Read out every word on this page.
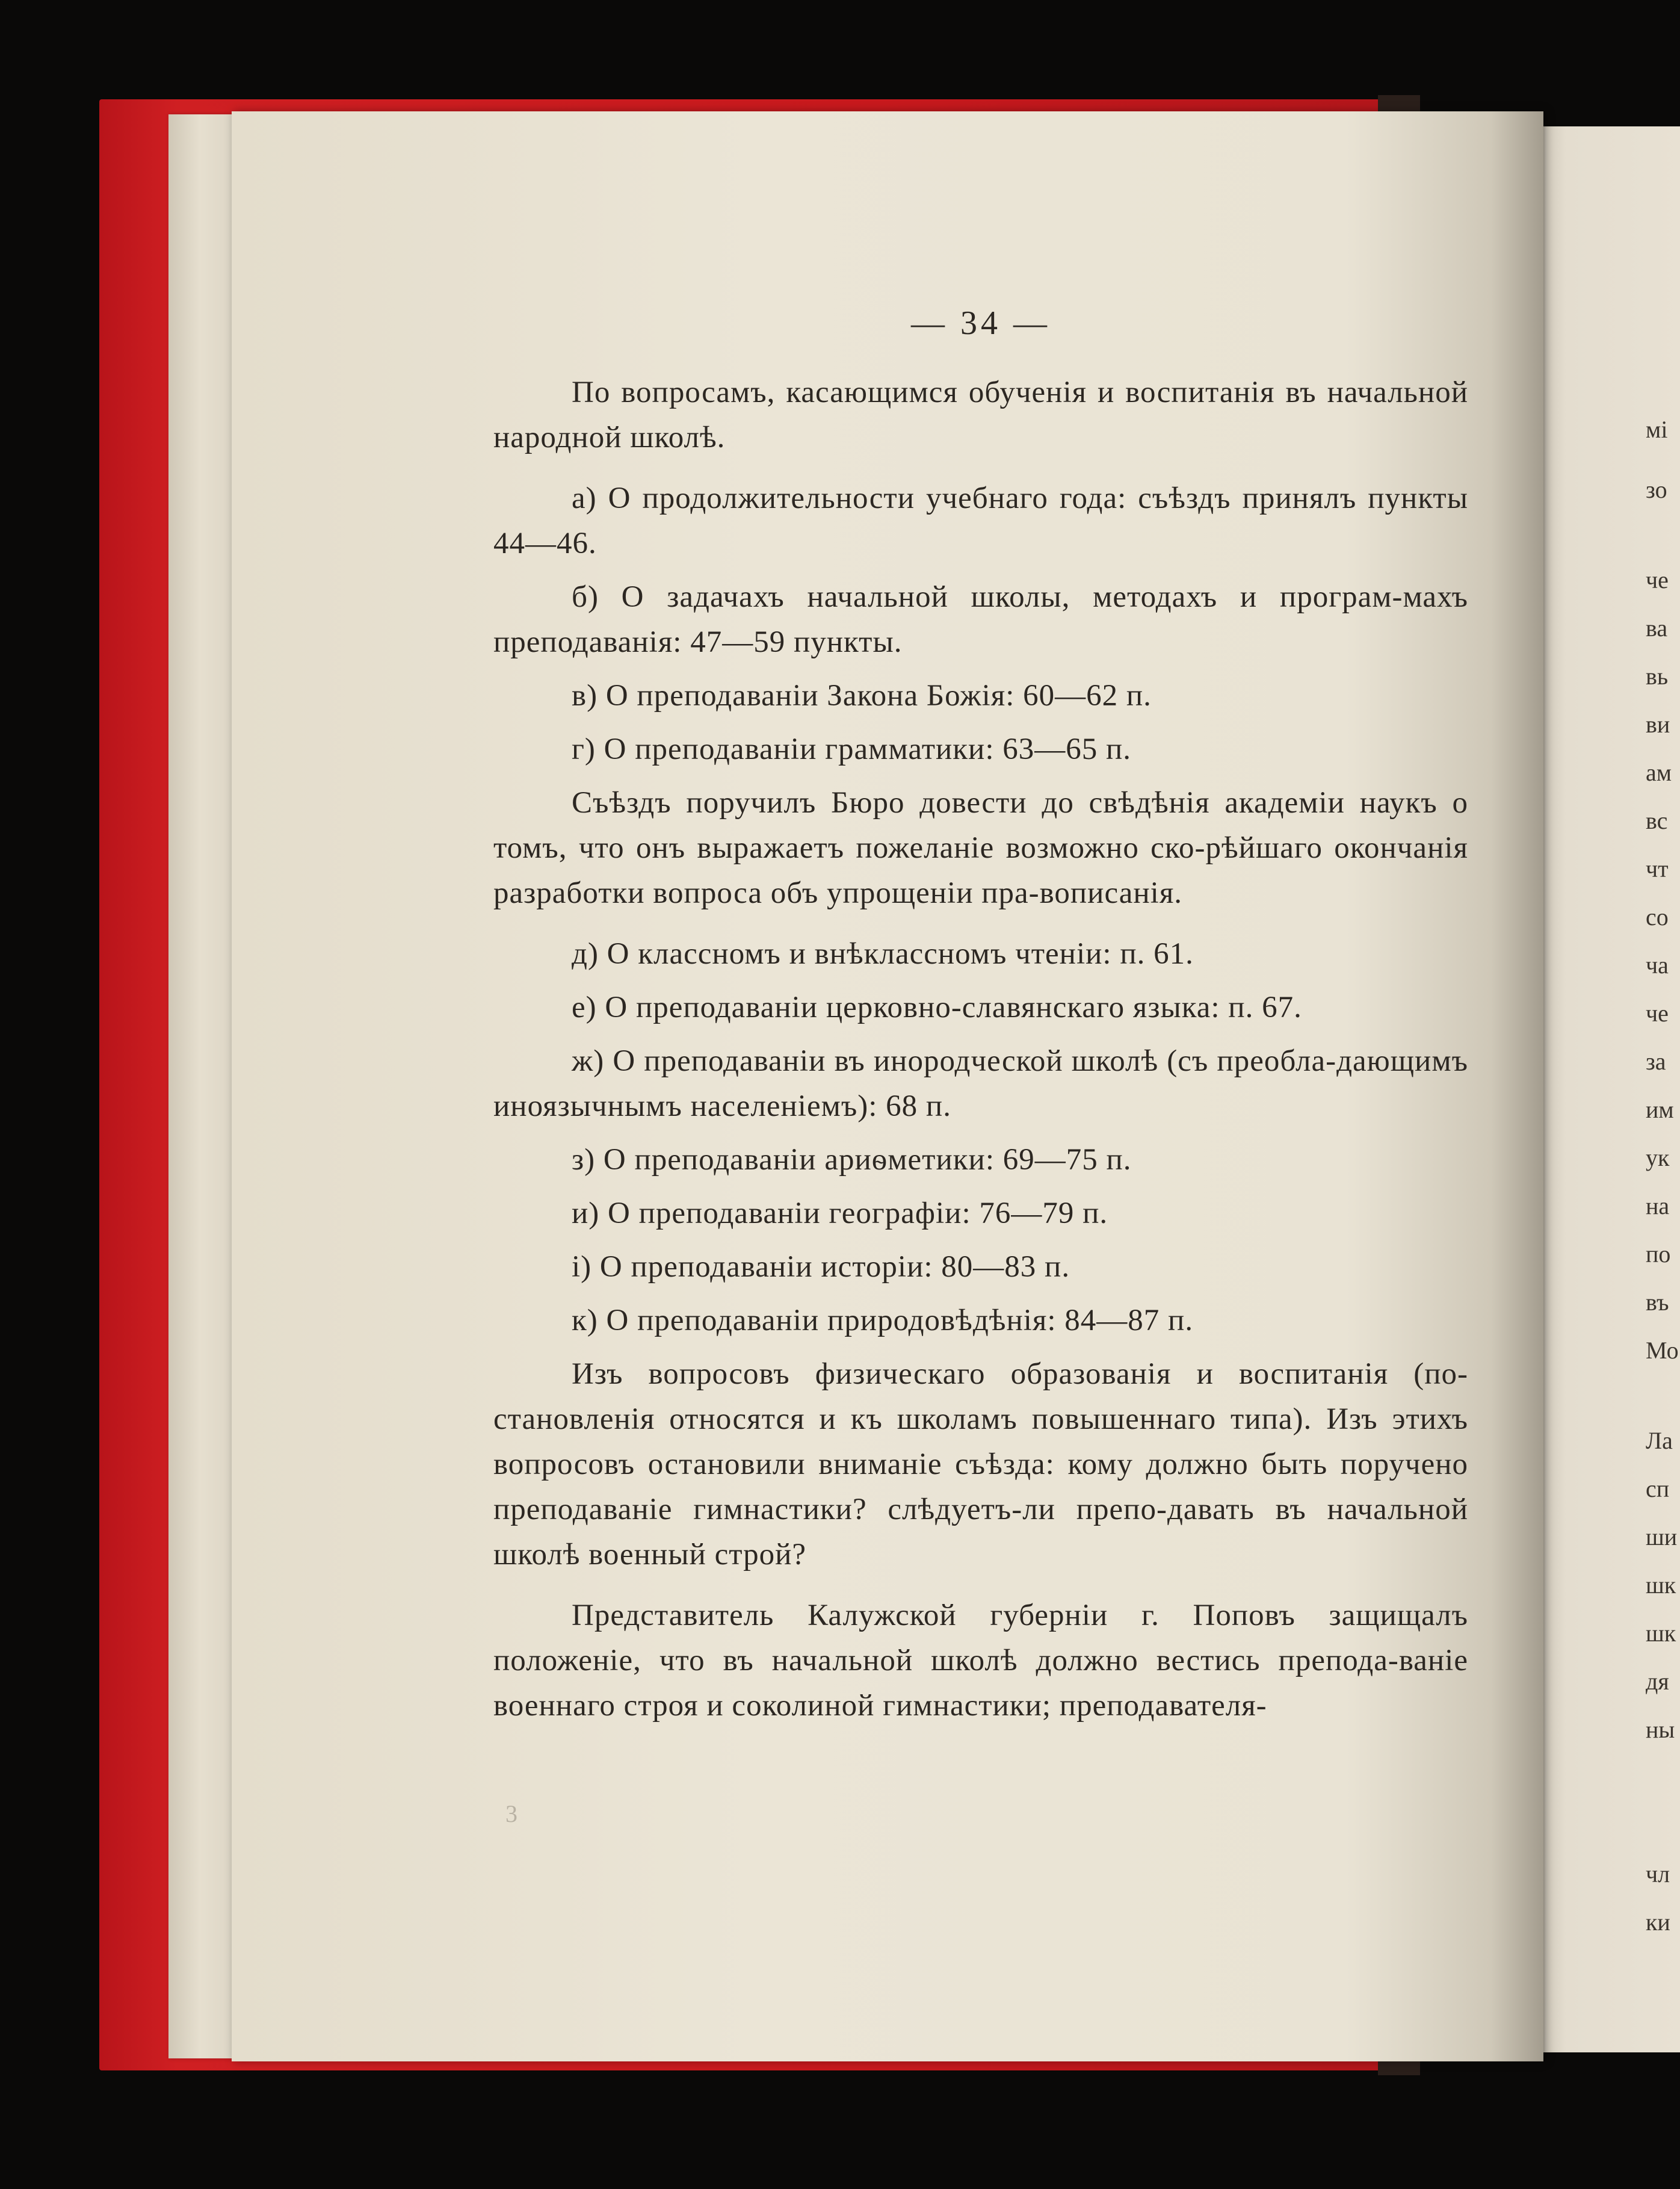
мі
зо
че
ва
вь
ви
ам
вс
чт
со
ча
че
за
им
ук
на
по
въ
Мо
Ла
сп
ши
шк
шк
дя
ны
чл
ки

— 34 —

По вопросамъ, касающимся обученія и воспитанія въ начальной народной школѣ.

а) О продолжительности учебнаго года: съѣздъ принялъ пункты 44—46.

б) О задачахъ начальной школы, методахъ и програм-махъ преподаванія: 47—59 пункты.

в) О преподаваніи Закона Божія: 60—62 п.

г) О преподаваніи грамматики: 63—65 п.

Съѣздъ поручилъ Бюро довести до свѣдѣнія академіи наукъ о томъ, что онъ выражаетъ пожеланіе возможно ско-рѣйшаго окончанія разработки вопроса объ упрощеніи пра-вописанія.

д) О классномъ и внѣклассномъ чтеніи: п. 61.

е) О преподаваніи церковно-славянскаго языка: п. 67.

ж) О преподаваніи въ инородческой школѣ (съ преобла-дающимъ иноязычнымъ населеніемъ): 68 п.

з) О преподаваніи ариѳметики: 69—75 п.

и) О преподаваніи географіи: 76—79 п.

і) О преподаваніи исторіи: 80—83 п.

к) О преподаваніи природовѣдѣнія: 84—87 п.

Изъ вопросовъ физическаго образованія и воспитанія (по-становленія относятся и къ школамъ повышеннаго типа). Изъ этихъ вопросовъ остановили вниманіе съѣзда: кому должно быть поручено преподаваніе гимнастики? слѣдуетъ-ли препо-давать въ начальной школѣ военный строй?

Представитель Калужской губерніи г. Поповъ защищалъ положеніе, что въ начальной школѣ должно вестись препода-ваніе военнаго строя и соколиной гимнастики; преподавателя-

3
